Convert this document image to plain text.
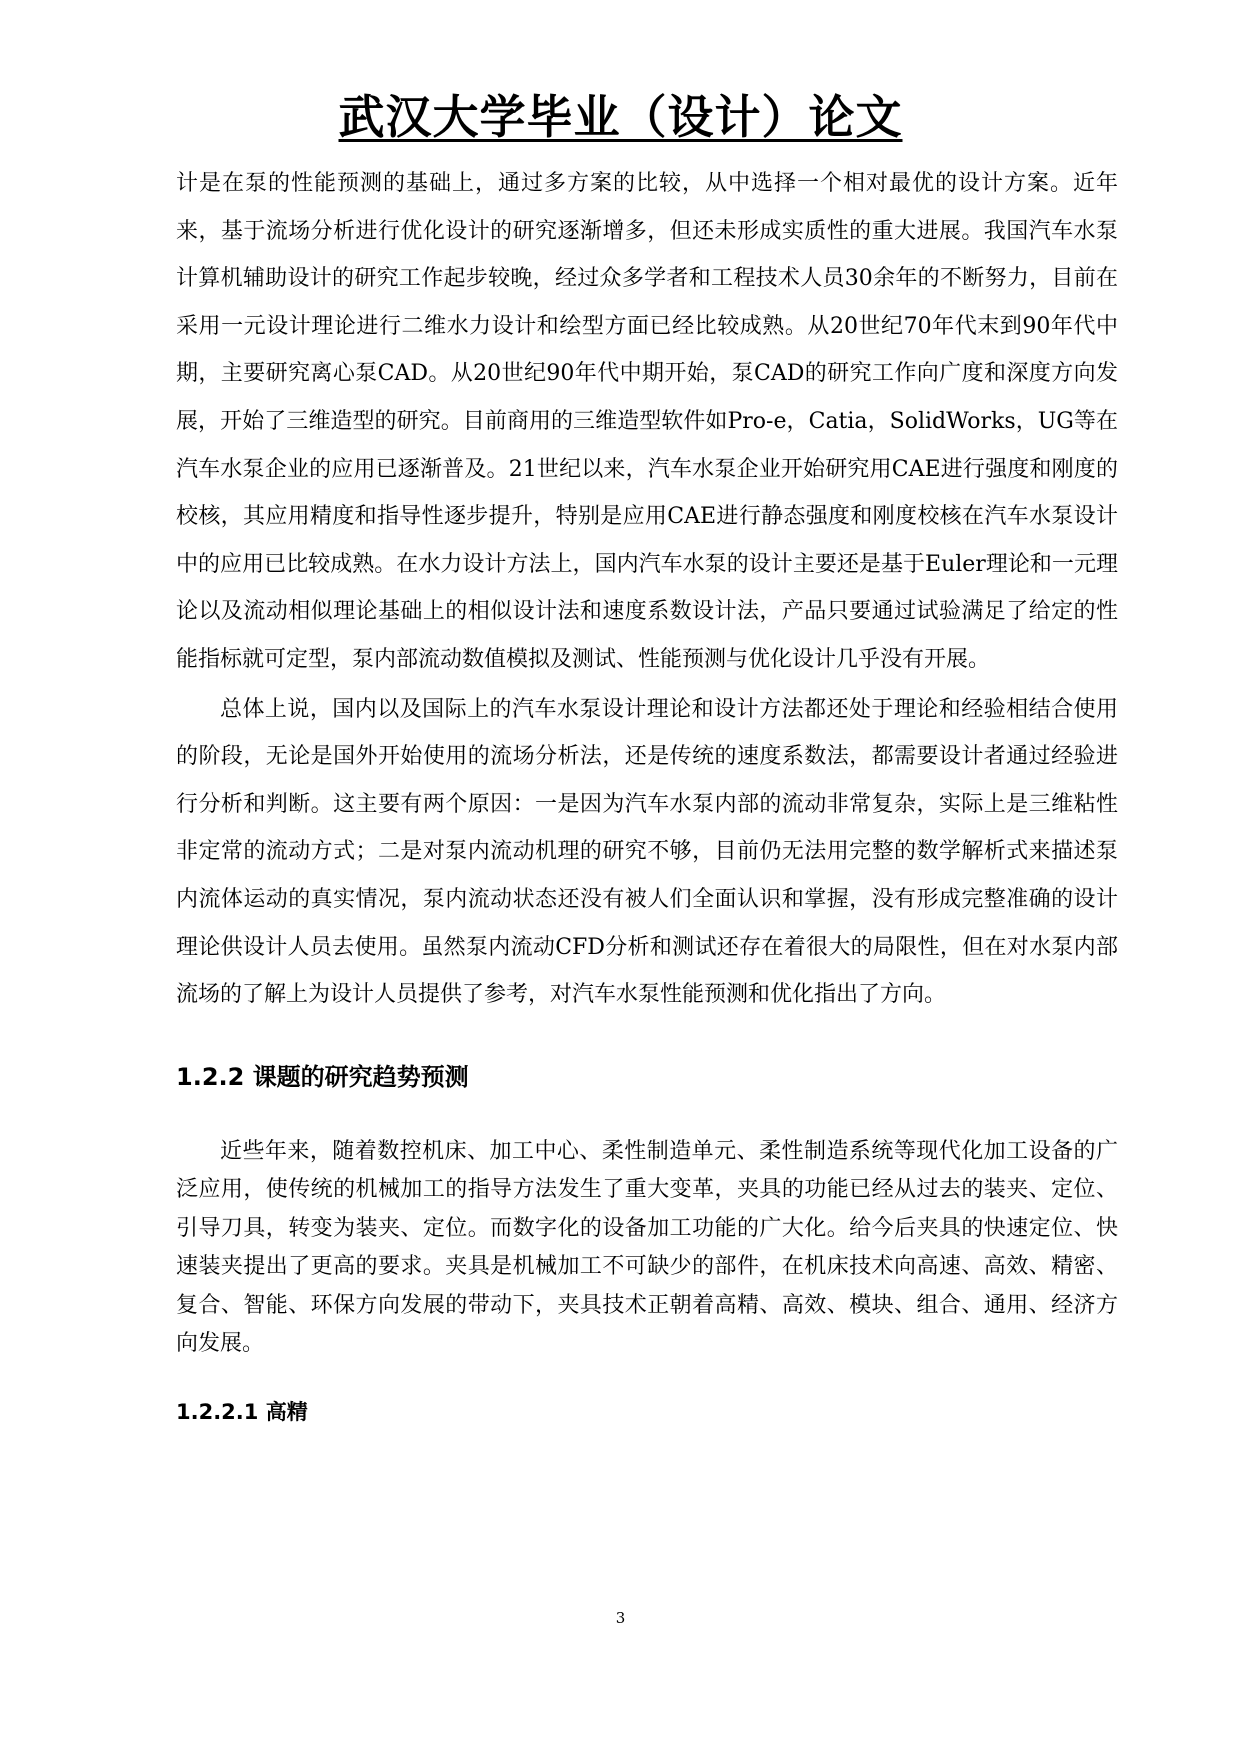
武汉大学毕业（设计）论文

计是在泵的性能预测的基础上，通过多方案的比较，从中选择一个相对最优的设计方案。近年来，基于流场分析进行优化设计的研究逐渐增多，但还未形成实质性的重大进展。我国汽车水泵计算机辅助设计的研究工作起步较晚，经过众多学者和工程技术人员30余年的不断努力，目前在采用一元设计理论进行二维水力设计和绘型方面已经比较成熟。从20世纪70年代末到90年代中期，主要研究离心泵CAD。从20世纪90年代中期开始，泵CAD的研究工作向广度和深度方向发展，开始了三维造型的研究。目前商用的三维造型软件如Pro-e，Catia，SolidWorks，UG等在汽车水泵企业的应用已逐渐普及。21世纪以来，汽车水泵企业开始研究用CAE进行强度和刚度的校核，其应用精度和指导性逐步提升，特别是应用CAE进行静态强度和刚度校核在汽车水泵设计中的应用已比较成熟。在水力设计方法上，国内汽车水泵的设计主要还是基于Euler理论和一元理论以及流动相似理论基础上的相似设计法和速度系数设计法，产品只要通过试验满足了给定的性能指标就可定型，泵内部流动数值模拟及测试、性能预测与优化设计几乎没有开展。

总体上说，国内以及国际上的汽车水泵设计理论和设计方法都还处于理论和经验相结合使用的阶段，无论是国外开始使用的流场分析法，还是传统的速度系数法，都需要设计者通过经验进行分析和判断。这主要有两个原因：一是因为汽车水泵内部的流动非常复杂，实际上是三维粘性非定常的流动方式；二是对泵内流动机理的研究不够，目前仍无法用完整的数学解析式来描述泵内流体运动的真实情况，泵内流动状态还没有被人们全面认识和掌握，没有形成完整准确的设计理论供设计人员去使用。虽然泵内流动CFD分析和测试还存在着很大的局限性，但在对水泵内部流场的了解上为设计人员提供了参考，对汽车水泵性能预测和优化指出了方向。

1.2.2 课题的研究趋势预测

近些年来，随着数控机床、加工中心、柔性制造单元、柔性制造系统等现代化加工设备的广泛应用，使传统的机械加工的指导方法发生了重大变革，夹具的功能已经从过去的装夹、定位、引导刀具，转变为装夹、定位。而数字化的设备加工功能的广大化。给今后夹具的快速定位、快速装夹提出了更高的要求。夹具是机械加工不可缺少的部件，在机床技术向高速、高效、精密、复合、智能、环保方向发展的带动下，夹具技术正朝着高精、高效、模块、组合、通用、经济方向发展。

1.2.2.1 高精
3
